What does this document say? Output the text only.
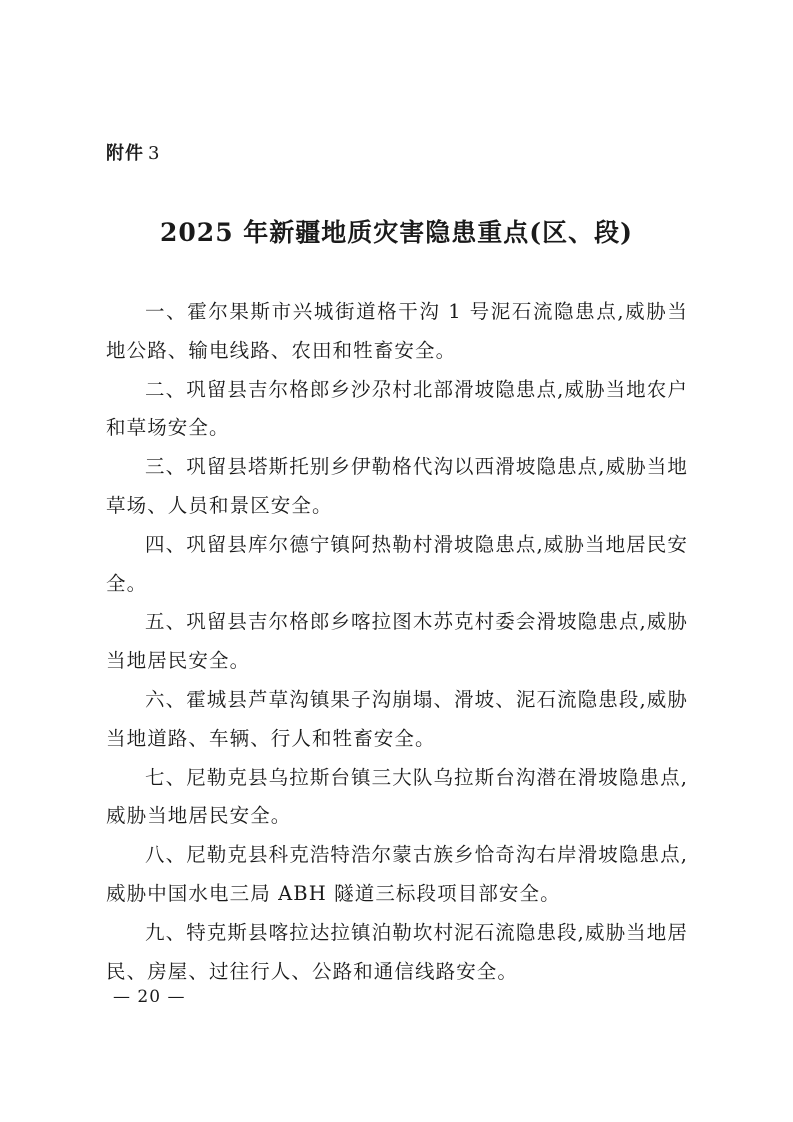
附件 3
2025 年新疆地质灾害隐患重点(区、段)

一、霍尔果斯市兴城街道格干沟 1 号泥石流隐患点,威胁当地公路、输电线路、农田和牲畜安全。

二、巩留县吉尔格郎乡沙尕村北部滑坡隐患点,威胁当地农户和草场安全。

三、巩留县塔斯托别乡伊勒格代沟以西滑坡隐患点,威胁当地草场、人员和景区安全。

四、巩留县库尔德宁镇阿热勒村滑坡隐患点,威胁当地居民安全。

五、巩留县吉尔格郎乡喀拉图木苏克村委会滑坡隐患点,威胁当地居民安全。

六、霍城县芦草沟镇果子沟崩塌、滑坡、泥石流隐患段,威胁当地道路、车辆、行人和牲畜安全。

七、尼勒克县乌拉斯台镇三大队乌拉斯台沟潜在滑坡隐患点,威胁当地居民安全。

八、尼勒克县科克浩特浩尔蒙古族乡恰奇沟右岸滑坡隐患点,威胁中国水电三局 ABH 隧道三标段项目部安全。

九、特克斯县喀拉达拉镇泊勒坎村泥石流隐患段,威胁当地居民、房屋、过往行人、公路和通信线路安全。

— 20 —
